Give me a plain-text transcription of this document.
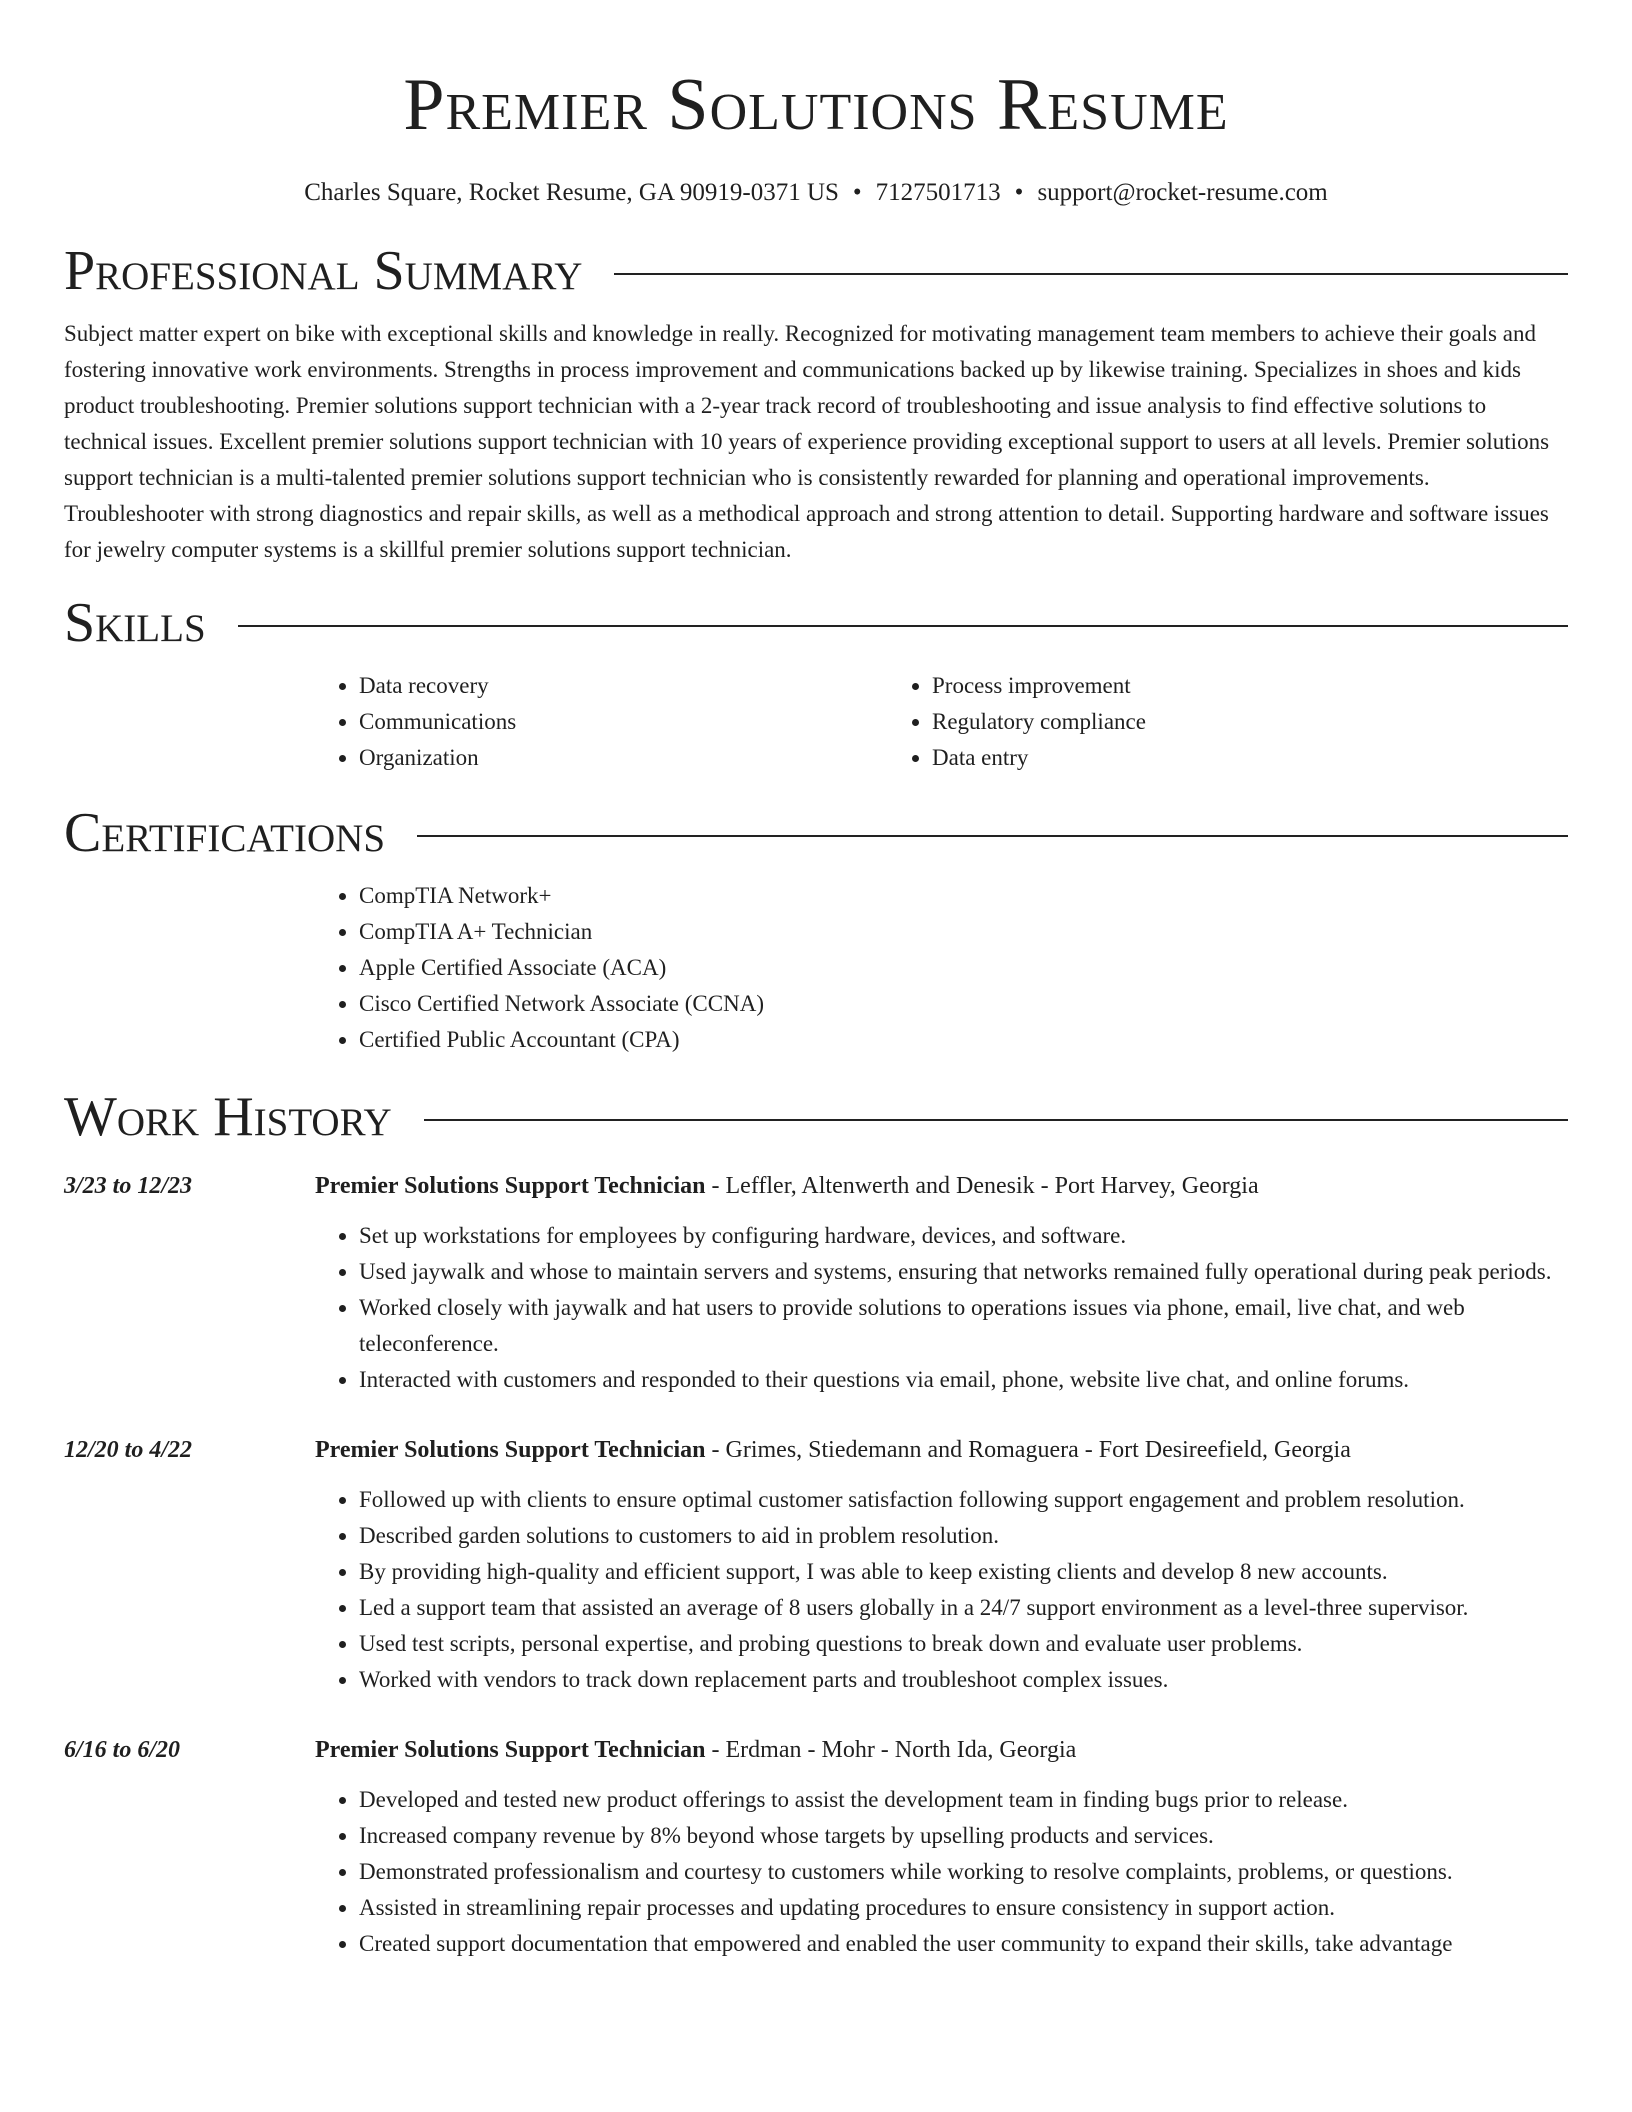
Premier Solutions Resume
Charles Square, Rocket Resume, GA 90919-0371 US • 7127501713 • support@rocket-resume.com
Professional Summary

Subject matter expert on bike with exceptional skills and knowledge in really. Recognized for motivating management team members to achieve their goals and fostering innovative work environments. Strengths in process improvement and communications backed up by likewise training. Specializes in shoes and kids product troubleshooting. Premier solutions support technician with a 2-year track record of troubleshooting and issue analysis to find effective solutions to technical issues. Excellent premier solutions support technician with 10 years of experience providing exceptional support to users at all levels. Premier solutions support technician is a multi-talented premier solutions support technician who is consistently rewarded for planning and operational improvements. Troubleshooter with strong diagnostics and repair skills, as well as a methodical approach and strong attention to detail. Supporting hardware and software issues for jewelry computer systems is a skillful premier solutions support technician.

Skills
• Data recovery
• Communications
• Organization
• Process improvement
• Regulatory compliance
• Data entry
Certifications
• CompTIA Network+
• CompTIA A+ Technician
• Apple Certified Associate (ACA)
• Cisco Certified Network Associate (CCNA)
• Certified Public Accountant (CPA)
Work History
3/23 to 12/23	Premier Solutions Support Technician - Leffler, Altenwerth and Denesik - Port Harvey, Georgia
• Set up workstations for employees by configuring hardware, devices, and software.
• Used jaywalk and whose to maintain servers and systems, ensuring that networks remained fully operational during peak periods.
• Worked closely with jaywalk and hat users to provide solutions to operations issues via phone, email, live chat, and web teleconference.
• Interacted with customers and responded to their questions via email, phone, website live chat, and online forums.
12/20 to 4/22	Premier Solutions Support Technician - Grimes, Stiedemann and Romaguera - Fort Desireefield, Georgia
• Followed up with clients to ensure optimal customer satisfaction following support engagement and problem resolution.
• Described garden solutions to customers to aid in problem resolution.
• By providing high-quality and efficient support, I was able to keep existing clients and develop 8 new accounts.
• Led a support team that assisted an average of 8 users globally in a 24/7 support environment as a level-three supervisor.
• Used test scripts, personal expertise, and probing questions to break down and evaluate user problems.
• Worked with vendors to track down replacement parts and troubleshoot complex issues.
6/16 to 6/20	Premier Solutions Support Technician - Erdman - Mohr - North Ida, Georgia
• Developed and tested new product offerings to assist the development team in finding bugs prior to release.
• Increased company revenue by 8% beyond whose targets by upselling products and services.
• Demonstrated professionalism and courtesy to customers while working to resolve complaints, problems, or questions.
• Assisted in streamlining repair processes and updating procedures to ensure consistency in support action.
• Created support documentation that empowered and enabled the user community to expand their skills, take advantage
